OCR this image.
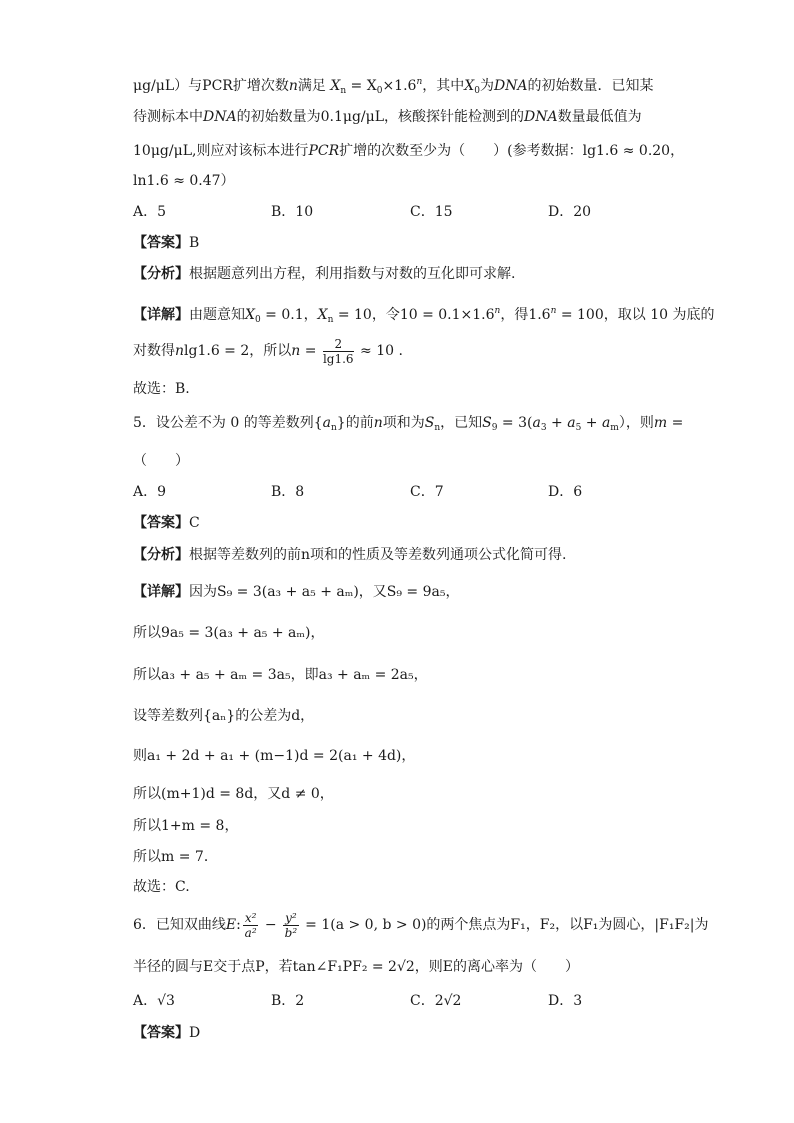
μg/μL）与PCR扩增次数n满足 $X_n = X_0\times 1.6^n$，其中$X_0$为DNA的初始数量．已知某
待测标本中DNA的初始数量为0.1μg/μL，核酸探针能检测到的DNA数量最低值为
10μg/μL,则应对该标本进行PCR扩增的次数至少为（　　）(参考数据：lg1.6 ≈ 0.20，
ln1.6 ≈ 0.47）
A．5	B．10	C．15	D．20
【答案】B
【分析】根据题意列出方程，利用指数与对数的互化即可求解.
【详解】由题意知$X_0 = 0.1$，$X_n = 10$，令$10 = 0.1\times 1.6^n$，得$1.6^n = 100$，取以 10 为底的
对数得nlg1.6 = 2，所以$n = \frac{2}{\lg 1.6} \approx 10$ .
故选：B.
5．设公差不为 0 的等差数列$\{a_n\}$的前n项和为$S_n$，已知$S_9 = 3(a_3 + a_5 + a_m)$，则m =
（　　）
A．9	B．8	C．7	D．6
【答案】C
【分析】根据等差数列的前n项和的性质及等差数列通项公式化简可得.
【详解】因为S₉ = 3(a₃ + a₅ + aₘ)，又S₉ = 9a₅，
所以9a₅ = 3(a₃ + a₅ + aₘ)，
所以a₃ + a₅ + aₘ = 3a₅，即a₃ + aₘ = 2a₅，
设等差数列{aₙ}的公差为d，
则a₁ + 2d + a₁ + (m−1)d = 2(a₁ + 4d)，
所以(m+1)d = 8d，又d ≠ 0，
所以1+m = 8，
所以m = 7．
故选：C.
6．已知双曲线E: $\frac{\text{x²}}{\text{a²}} - \frac{\text{y²}}{\text{b²}} = 1(a > 0$, b > 0)的两个焦点为F₁，F₂，以F₁为圆心，|F₁F₂|为
半径的圆与E交于点P，若tan∠F₁PF₂ = 2√2，则E的离心率为（　　）
A．√3	B．2	C．2√2	D．3
【答案】D
